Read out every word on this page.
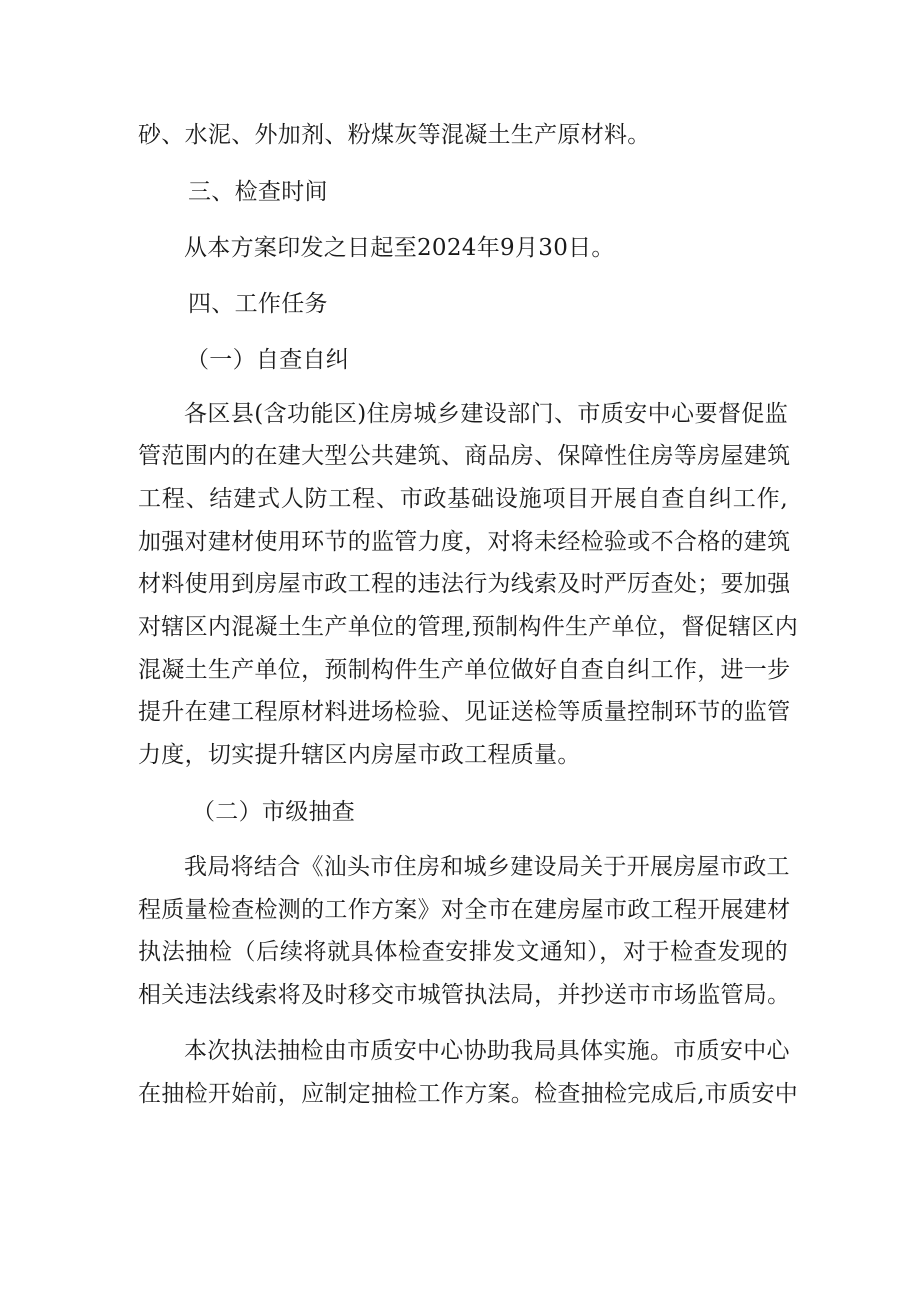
砂、水泥、外加剂、粉煤灰等混凝土生产原材料。
三、检查时间
从本方案印发之日起至2024年9月30日。
四、工作任务
（一）自查自纠
各区县(含功能区)住房城乡建设部门、市质安中心要督促监
管范围内的在建大型公共建筑、商品房、保障性住房等房屋建筑
工程、结建式人防工程、市政基础设施项目开展自查自纠工作,
加强对建材使用环节的监管力度，对将未经检验或不合格的建筑
材料使用到房屋市政工程的违法行为线索及时严厉查处；要加强
对辖区内混凝土生产单位的管理,预制构件生产单位，督促辖区内
混凝土生产单位，预制构件生产单位做好自查自纠工作，进一步
提升在建工程原材料进场检验、见证送检等质量控制环节的监管
力度，切实提升辖区内房屋市政工程质量。
（二）市级抽查
我局将结合《汕头市住房和城乡建设局关于开展房屋市政工
程质量检查检测的工作方案》对全市在建房屋市政工程开展建材
执法抽检（后续将就具体检查安排发文通知），对于检查发现的
相关违法线索将及时移交市城管执法局，并抄送市市场监管局。
本次执法抽检由市质安中心协助我局具体实施。市质安中心
在抽检开始前，应制定抽检工作方案。检查抽检完成后,市质安中
